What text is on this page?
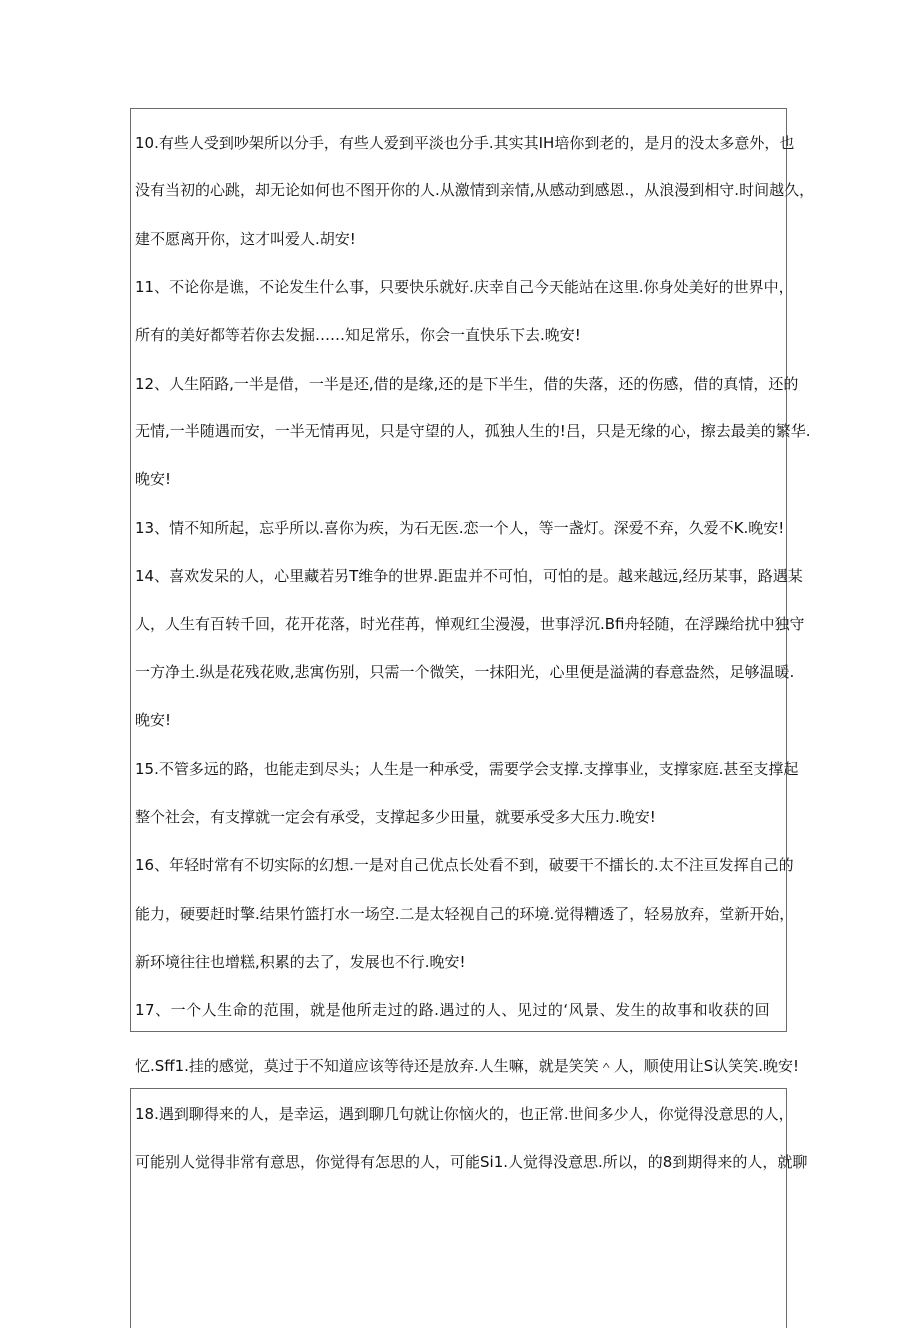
10.有些人受到吵架所以分手，有些人爱到平淡也分手.其实其IH培你到老的，是月的没太多意外，也
没有当初的心跳，却无论如何也不图开你的人.从激情到亲情,从感动到感恩.，从浪漫到相守.时间越久，
建不愿离开你，这才叫爱人.胡安!
11、不论你是谯，不论发生什么事，只要快乐就好.庆幸自己今天能站在这里.你身处美好的世界中，
所有的美好都等若你去发掘……知足常乐，你会一直快乐下去.晚安!
12、人生陌路,一半是借，一半是还,借的是缘,还的是下半生，借的失落，还的伤感，借的真情，还的
无情,一半随遇而安，一半无情再见，只是守望的人，孤独人生的!吕，只是无缘的心，擦去最美的繁华.
晚安!
13、情不知所起，忘乎所以.喜你为疾，为石无医.恋一个人，等一盏灯。深爱不弃，久爱不K.晚安!
14、喜欢发呆的人，心里藏若另T维争的世界.距盅并不可怕，可怕的是。越来越远,经历某事，路遇某
人，人生有百转千回，花开花落，时光荏苒，惮观红尘漫漫，世事浮沉.Bfi舟轻随，在浮躁给扰中独守
一方净土.纵是花残花败,悲寓伤别，只需一个微笑，一抹阳光，心里便是溢满的春意盎然，足够温暖.
晚安!
15.不管多远的路，也能走到尽头；人生是一种承受，需要学会支撑.支撑事业，支撑家庭.甚至支撑起
整个社会，有支撑就一定会有承受，支撑起多少田量，就要承受多大压力.晚安!
16、年轻时常有不切实际的幻想.一是对自己优点长处看不到，破要干不擂长的.太不注亘发挥自己的
能力，硬要赶时擎.结果竹篮打水一场空.二是太轻视自己的环境.觉得糟透了，轻易放弃，堂新开始，
新环境往往也增糕,积累的去了，发展也不行.晚安!
17、一个人生命的范围，就是他所走过的路.遇过的人、见过的‘风景、发生的故事和收获的回
忆.Sff1.挂的感觉，莫过于不知道应该等待还是放弃.人生嘛，就是笑笑＾人，顺使用让S认笑笑.晚安!
18.遇到聊得来的人，是幸运，遇到聊几句就让你恼火的，也正常.世间多少人，你觉得没意思的人，
可能别人觉得非常有意思，你觉得有怎思的人，可能Si1.人觉得没意思.所以，的8到期得来的人，就聊
